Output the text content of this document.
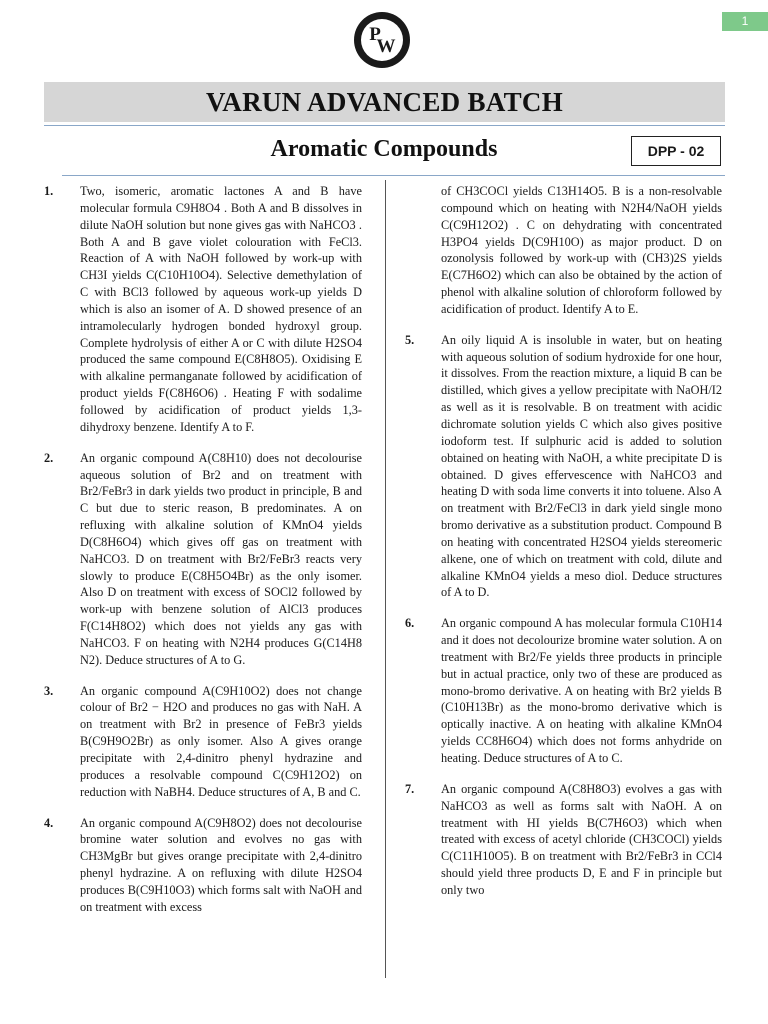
1
P
W
VARUN ADVANCED BATCH
Aromatic Compounds	DPP - 02
1.	Two, isomeric, aromatic lactones A and B have molecular formula C9H8O4 . Both A and B dissolves in dilute NaOH solution but none gives gas with NaHCO3 . Both A and B gave violet colouration with FeCl3. Reaction of A with NaOH followed by work-up with CH3I yields C(C10H10O4). Selective demethylation of C with BCl3 followed by aqueous work-up yields D which is also an isomer of A. D showed presence of an intramolecularly hydrogen bonded hydroxyl group. Complete hydrolysis of either A or C with dilute H2SO4 produced the same compound E(C8H8O5). Oxidising E with alkaline permanganate followed by acidification of product yields F(C8H6O6) . Heating F with sodalime followed by acidification of product yields 1,3-dihydroxy benzene. Identify A to F.
2.	An organic compound A(C8H10) does not decolourise aqueous solution of Br2 and on treatment with Br2/FeBr3 in dark yields two product in principle, B and C but due to steric reason, B predominates. A on refluxing with alkaline solution of KMnO4 yields D(C8H6O4) which gives off gas on treatment with NaHCO3. D on treatment with Br2/FeBr3 reacts very slowly to produce E(C8H5O4Br) as the only isomer. Also D on treatment with excess of SOCl2 followed by work-up with benzene solution of AlCl3 produces F(C14H8O2) which does not yields any gas with NaHCO3. F on heating with N2H4 produces G(C14H8 N2). Deduce structures of A to G.
3.	An organic compound A(C9H10O2) does not change colour of Br2 − H2O and produces no gas with NaH. A on treatment with Br2 in presence of FeBr3 yields B(C9H9O2Br) as only isomer. Also A gives orange precipitate with 2,4-dinitro phenyl hydrazine and produces a resolvable compound C(C9H12O2) on reduction with NaBH4. Deduce structures of A, B and C.
4.	An organic compound A(C9H8O2) does not decolourise bromine water solution and evolves no gas with CH3MgBr but gives orange precipitate with 2,4-dinitro phenyl hydrazine. A on refluxing with dilute H2SO4 produces B(C9H10O3) which forms salt with NaOH and on treatment with excess
of CH3COCl yields C13H14O5. B is a non-resolvable compound which on heating with N2H4/NaOH yields C(C9H12O2) . C on dehydrating with concentrated H3PO4 yields D(C9H10O) as major product. D on ozonolysis followed by work-up with (CH3)2S yields E(C7H6O2) which can also be obtained by the action of phenol with alkaline solution of chloroform followed by acidification of product. Identify A to E.
5.	An oily liquid A is insoluble in water, but on heating with aqueous solution of sodium hydroxide for one hour, it dissolves. From the reaction mixture, a liquid B can be distilled, which gives a yellow precipitate with NaOH/I2 as well as it is resolvable. B on treatment with acidic dichromate solution yields C which also gives positive iodoform test. If sulphuric acid is added to solution obtained on heating with NaOH, a white precipitate D is obtained. D gives effervescence with NaHCO3 and heating D with soda lime converts it into toluene. Also A on treatment with Br2/FeCl3 in dark yield single mono bromo derivative as a substitution product. Compound B on heating with concentrated H2SO4 yields stereomeric alkene, one of which on treatment with cold, dilute and alkaline KMnO4 yields a meso diol. Deduce structures of A to D.
6.	An organic compound A has molecular formula C10H14 and it does not decolourize bromine water solution. A on treatment with Br2/Fe yields three products in principle but in actual practice, only two of these are produced as mono-bromo derivative. A on heating with Br2 yields B (C10H13Br) as the mono-bromo derivative which is optically inactive. A on heating with alkaline KMnO4 yields CC8H6O4) which does not forms anhydride on heating. Deduce structures of A to C.
7.	An organic compound A(C8H8O3) evolves a gas with NaHCO3 as well as forms salt with NaOH. A on treatment with HI yields B(C7H6O3) which when treated with excess of acetyl chloride (CH3COCl) yields C(C11H10O5). B on treatment with Br2/FeBr3 in CCl4 should yield three products D, E and F in principle but only two
